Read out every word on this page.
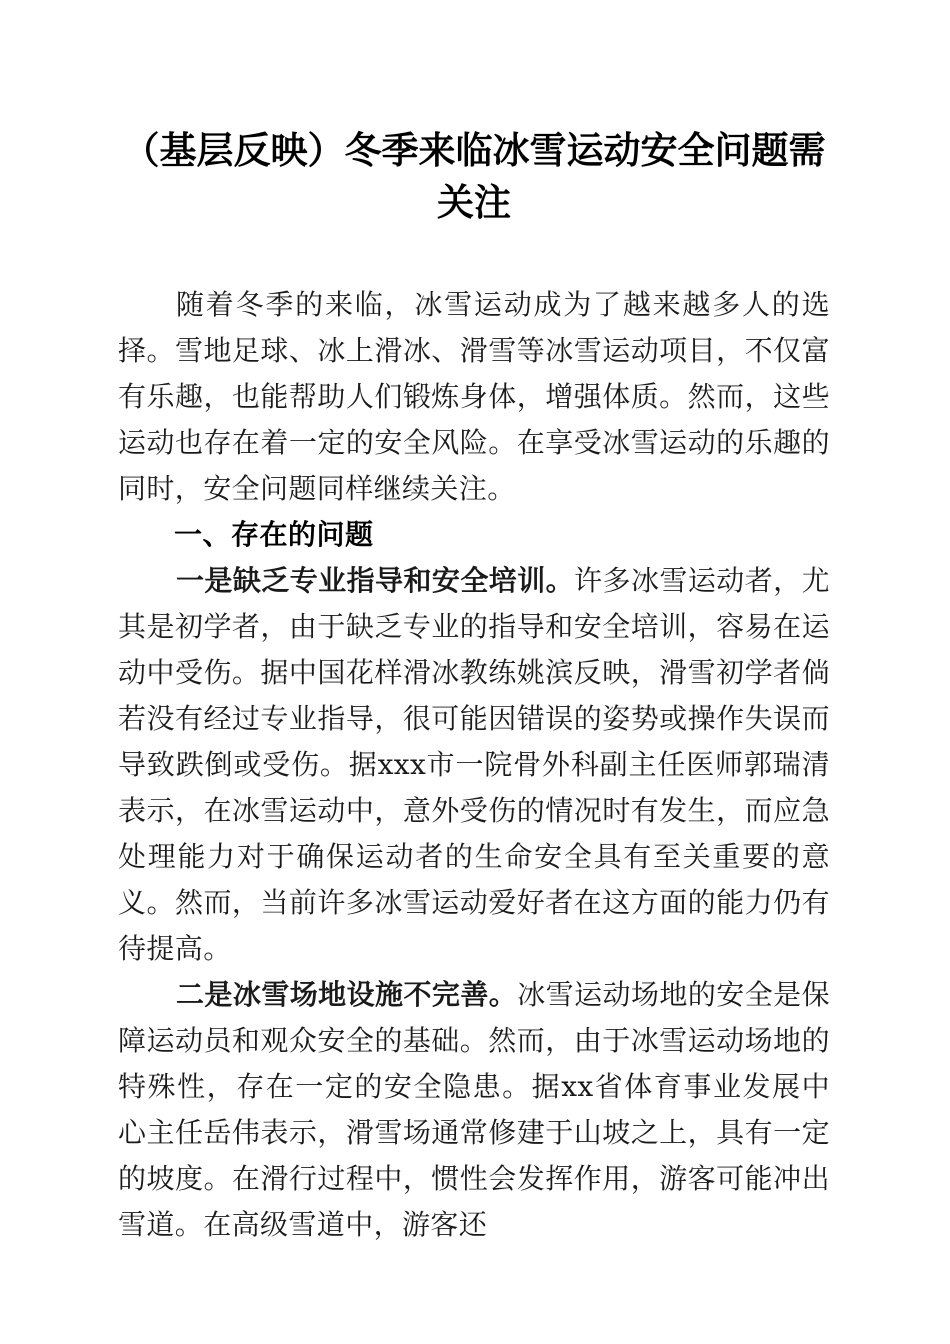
（基层反映）冬季来临冰雪运动安全问题需关注

随着冬季的来临，冰雪运动成为了越来越多人的选择。雪地足球、冰上滑冰、滑雪等冰雪运动项目，不仅富有乐趣，也能帮助人们锻炼身体，增强体质。然而，这些运动也存在着一定的安全风险。在享受冰雪运动的乐趣的同时，安全问题同样继续关注。

一、存在的问题

一是缺乏专业指导和安全培训。许多冰雪运动者，尤其是初学者，由于缺乏专业的指导和安全培训，容易在运动中受伤。据中国花样滑冰教练姚滨反映，滑雪初学者倘若没有经过专业指导，很可能因错误的姿势或操作失误而导致跌倒或受伤。据xxx市一院骨外科副主任医师郭瑞清表示，在冰雪运动中，意外受伤的情况时有发生，而应急处理能力对于确保运动者的生命安全具有至关重要的意义。然而，当前许多冰雪运动爱好者在这方面的能力仍有待提高。

二是冰雪场地设施不完善。冰雪运动场地的安全是保障运动员和观众安全的基础。然而，由于冰雪运动场地的特殊性，存在一定的安全隐患。据xx省体育事业发展中心主任岳伟表示，滑雪场通常修建于山坡之上，具有一定的坡度。在滑行过程中，惯性会发挥作用，游客可能冲出雪道。在高级雪道中，游客还
